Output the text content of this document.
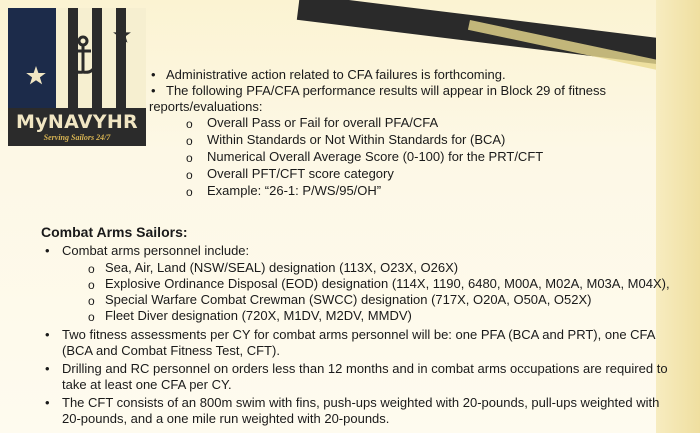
MyNAVYHR
Serving Sailors 24/7
• Administrative action related to CFA failures is forthcoming.
• The following PFA/CFA performance results will appear in Block 29 of fitness
reports/evaluations:
o Overall Pass or Fail for overall PFA/CFA
o Within Standards or Not Within Standards for (BCA)
o Numerical Overall Average Score (0-100) for the PRT/CFT
o Overall PFT/CFT score category
o Example: “26-1: P/WS/95/OH”
Combat Arms Sailors:
• Combat arms personnel include:
o Sea, Air, Land (NSW/SEAL) designation (113X, O23X, O26X)
o Explosive Ordinance Disposal (EOD) designation (114X, 1190, 6480, M00A, M02A, M03A, M04X),
o Special Warfare Combat Crewman (SWCC) designation (717X, O20A, O50A, O52X)
o Fleet Diver designation (720X, M1DV, M2DV, MMDV)
• Two fitness assessments per CY for combat arms personnel will be: one PFA (BCA and PRT), one CFA
(BCA and Combat Fitness Test, CFT).
• Drilling and RC personnel on orders less than 12 months and in combat arms occupations are required to
take at least one CFA per CY.
• The CFT consists of an 800m swim with fins, push-ups weighted with 20-pounds, pull-ups weighted with
20-pounds, and a one mile run weighted with 20-pounds.
